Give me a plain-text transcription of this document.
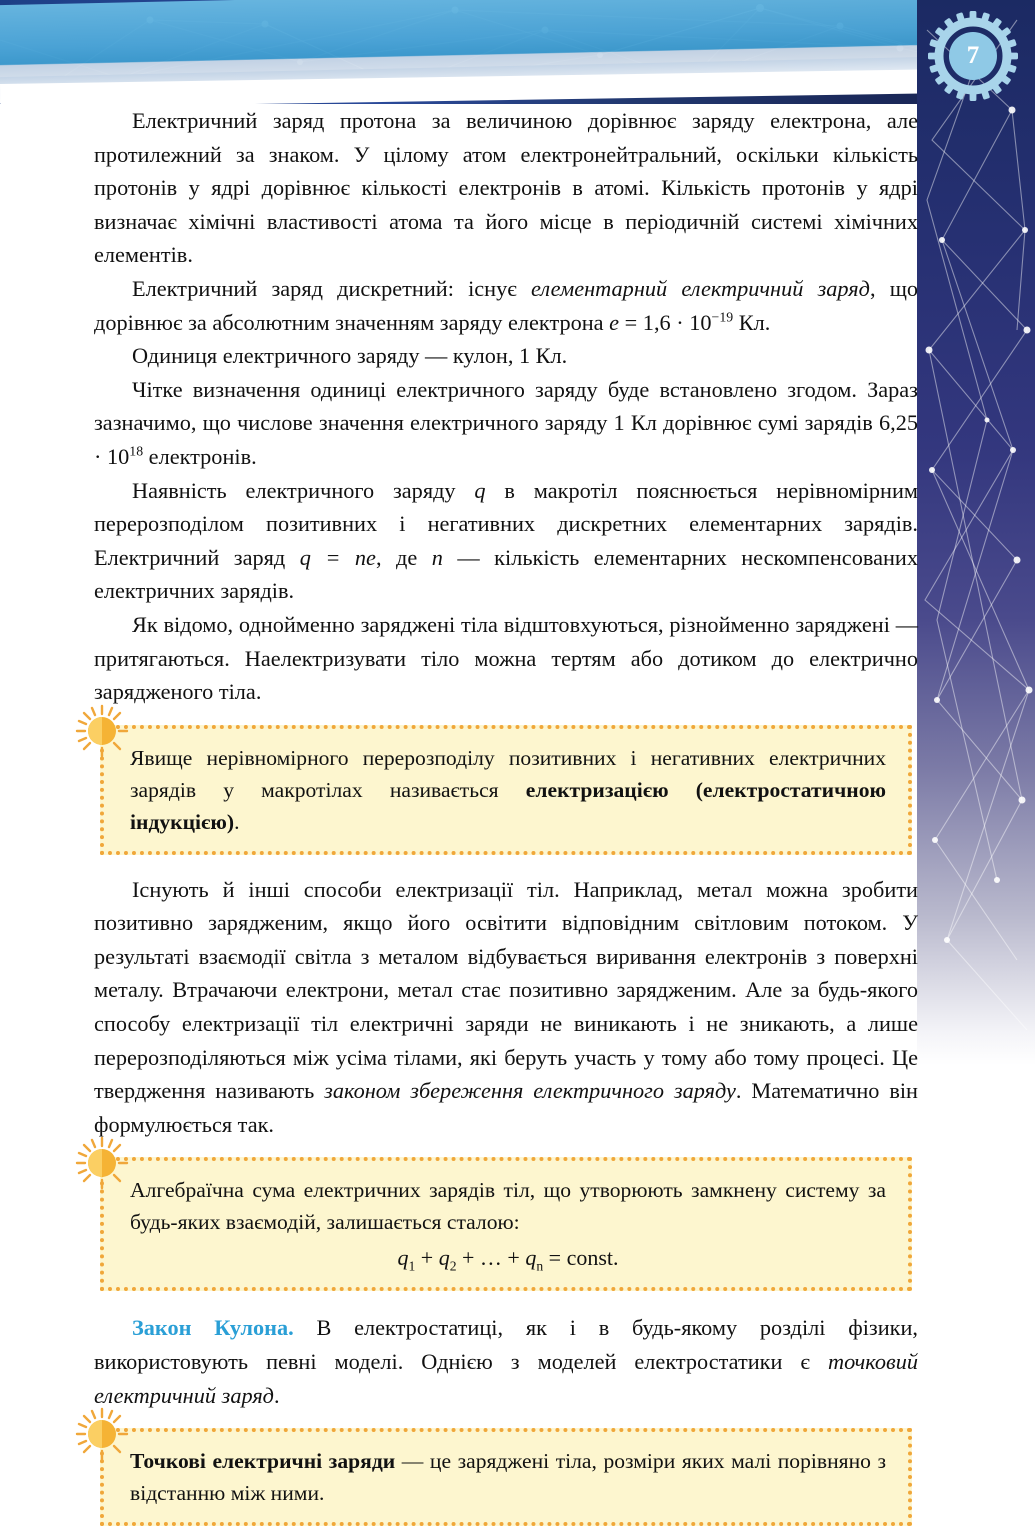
7

Електричний заряд протона за величиною дорівнює заряду електрона, але протилежний за знаком. У цілому атом електронейтральний, оскільки кількість протонів у ядрі дорівнює кількості електронів в атомі. Кількість протонів у ядрі визначає хімічні властивості атома та його місце в періодичній системі хімічних елементів.

Електричний заряд дискретний: існує елементарний електричний заряд, що дорівнює за абсолютним значенням заряду електрона $e = 1,6 \cdot 10^{-19}$ Кл.

Одиниця електричного заряду — кулон, 1 Кл.

Чітке визначення одиниці електричного заряду буде встановлено згодом. Зараз зазначимо, що числове значення електричного заряду 1 Кл дорівнює сумі зарядів $6,25 \cdot 10^{18}$ електронів.

Наявність електричного заряду q в макротіл пояснюється нерівномірним перерозподілом позитивних і негативних дискретних елементарних зарядів. Електричний заряд q = ne, де n — кількість елементарних нескомпенсованих електричних зарядів.

Як відомо, однойменно заряджені тіла відштовхуються, різнойменно заряджені — притягаються. Наелектризувати тіло можна тертям або дотиком до електрично зарядженого тіла.

Явище нерівномірного перерозподілу позитивних і негативних електричних зарядів у макротілах називається електризацією (електростатичною індукцією).

Існують й інші способи електризації тіл. Наприклад, метал можна зробити позитивно зарядженим, якщо його освітити відповідним світловим потоком. У результаті взаємодії світла з металом відбувається виривання електронів з поверхні металу. Втрачаючи електрони, метал стає позитивно зарядженим. Але за будь-якого способу електризації тіл електричні заряди не виникають і не зникають, а лише перерозподіляються між усіма тілами, які беруть участь у тому або тому процесі. Це твердження називають законом збереження електричного заряду. Математично він формулюється так.

Алгебраїчна сума електричних зарядів тіл, що утворюють замкнену систему за будь-яких взаємодій, залишається сталою:

$q_1 + q_2$ + … + $q_n$ = const.

Закон Кулона. В електростатиці, як і в будь-якому розділі фізики, використовують певні моделі. Однією з моделей електростатики є точковий електричний заряд.

Точкові електричні заряди — це заряджені тіла, розміри яких малі порівняно з відстанню між ними.
